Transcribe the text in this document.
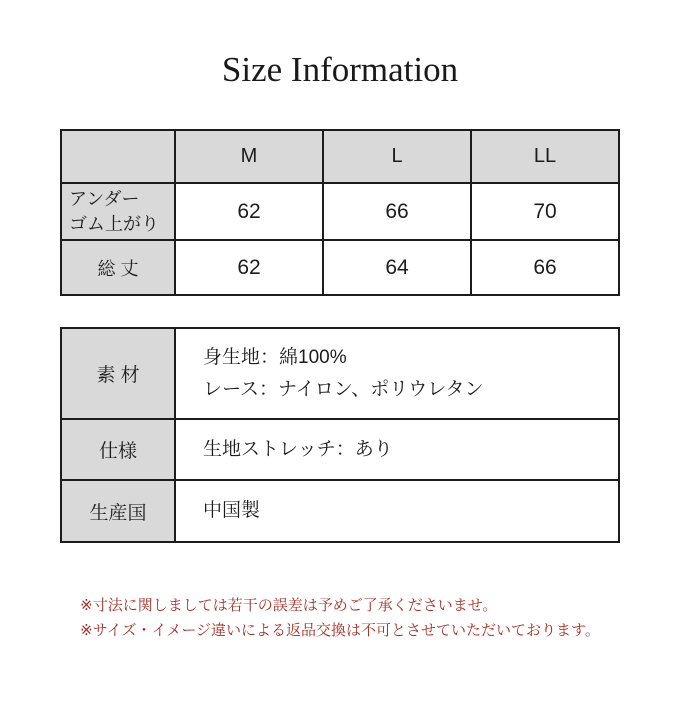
Size Information
	M	L	LL
アンダー
ゴム上がり	62	66	70
総 丈	62	64	66
素 材	身生地：綿100%
レース：ナイロン、ポリウレタン

仕様	生地ストレッチ：あり
生産国	中国製
※寸法に関しましては若干の誤差は予めご了承くださいませ。
※サイズ・イメージ違いによる返品交換は不可とさせていただいております。
